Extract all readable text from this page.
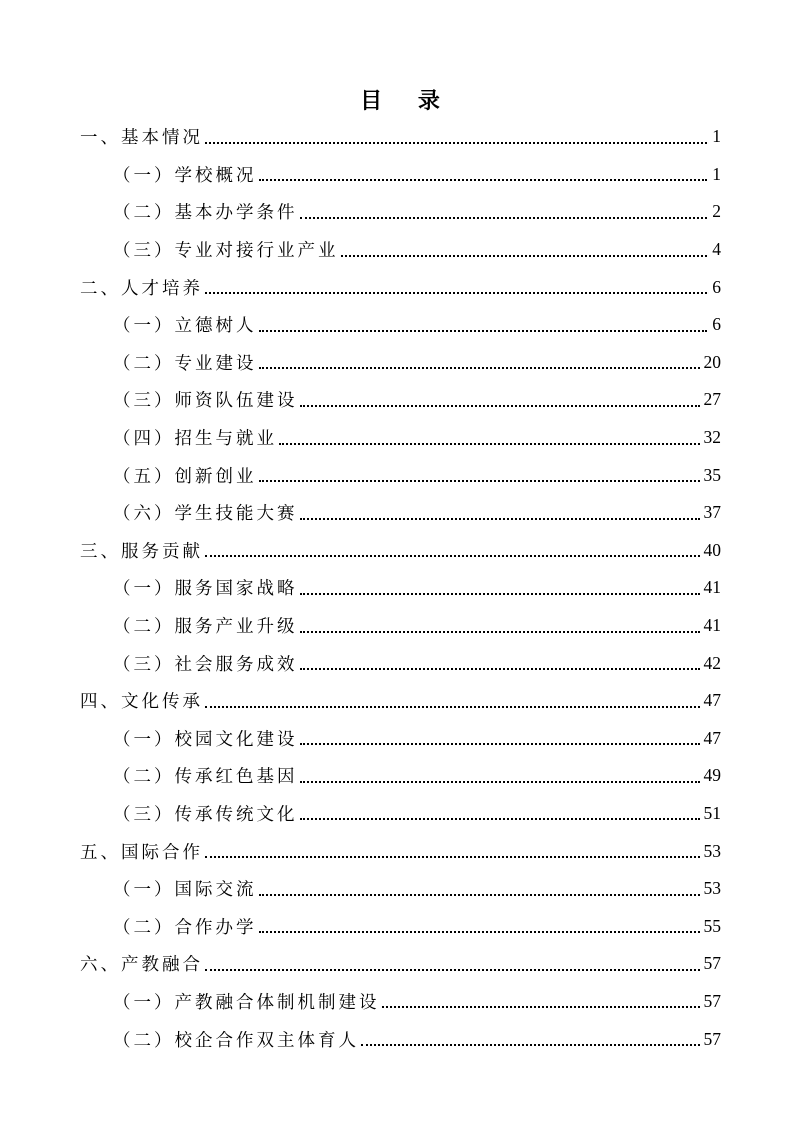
目 录
一、基本情况	1
（一）学校概况	1
（二）基本办学条件	2
（三）专业对接行业产业	4
二、人才培养	6
（一）立德树人	6
（二）专业建设	20
（三）师资队伍建设	27
（四）招生与就业	32
（五）创新创业	35
（六）学生技能大赛	37
三、服务贡献	40
（一）服务国家战略	41
（二）服务产业升级	41
（三）社会服务成效	42
四、文化传承	47
（一）校园文化建设	47
（二）传承红色基因	49
（三）传承传统文化	51
五、国际合作	53
（一）国际交流	53
（二）合作办学	55
六、产教融合	57
（一）产教融合体制机制建设	57
（二）校企合作双主体育人	57
